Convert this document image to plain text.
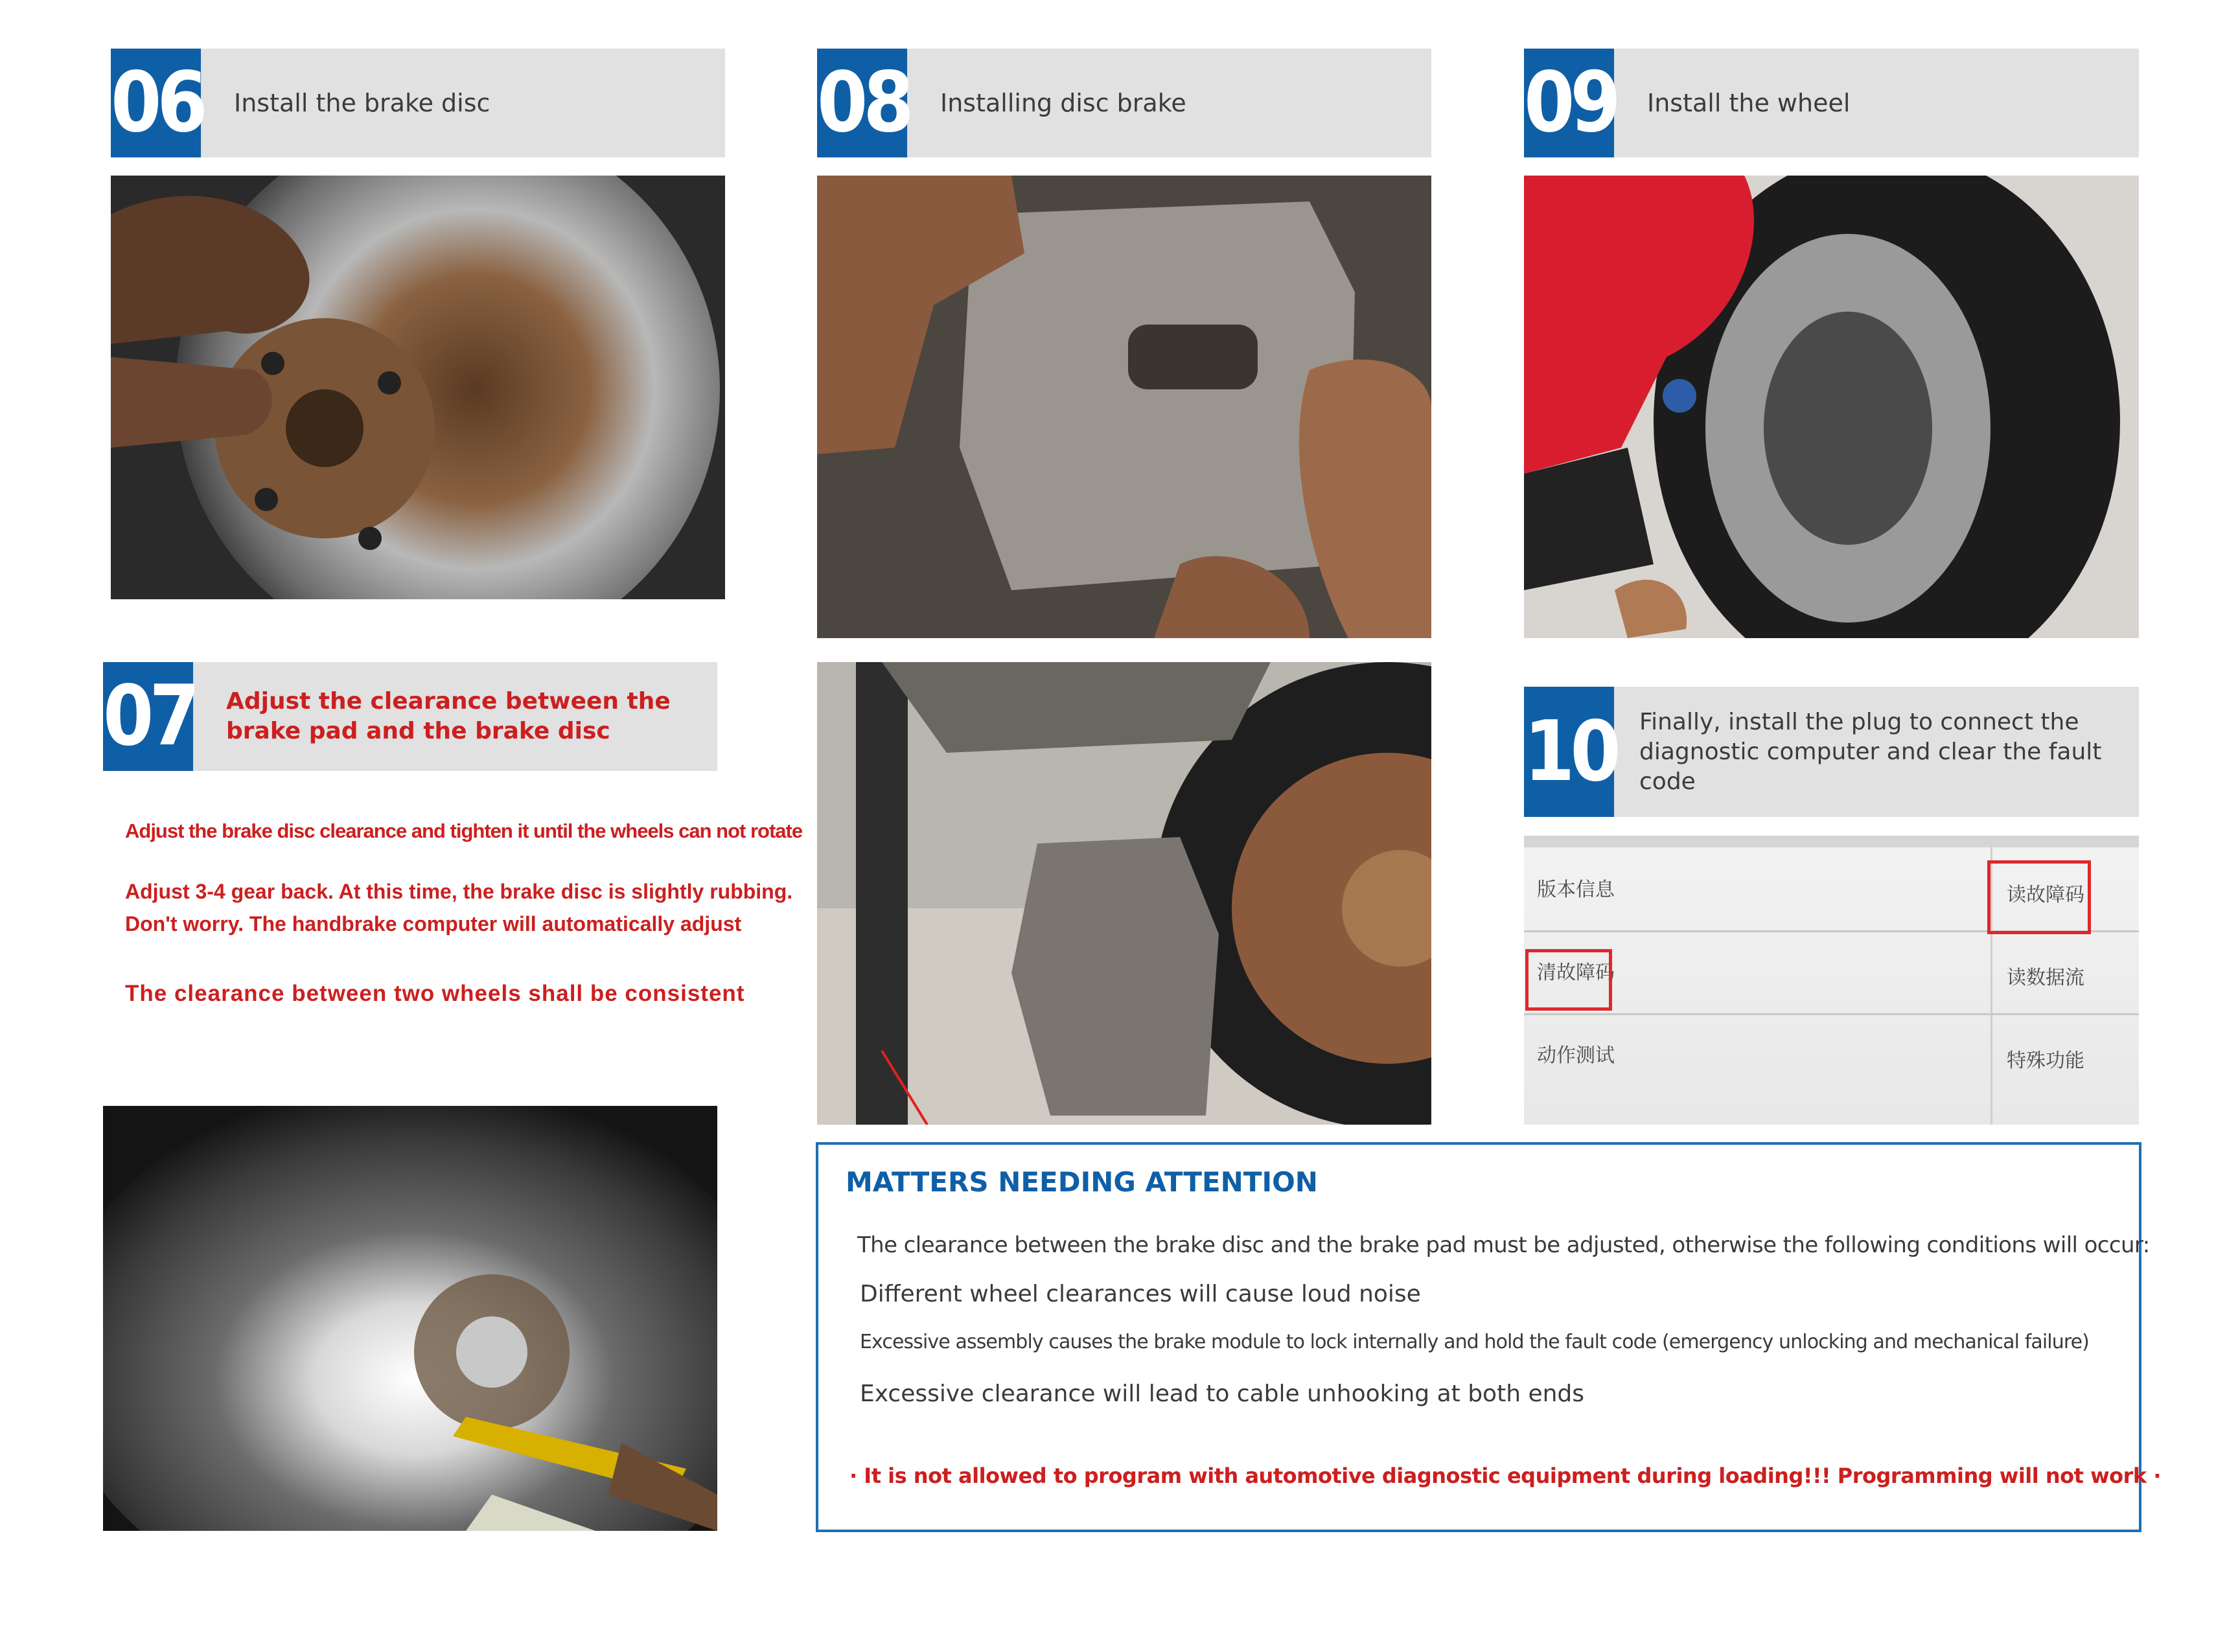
06 Install the brake disc
07 Adjust the clearance between the brake pad and the brake disc
Adjust the brake disc clearance and tighten it until the wheels can not rotate
Adjust 3-4 gear back. At this time, the brake disc is slightly rubbing.
Don't worry. The handbrake computer will automatically adjust
The clearance between two wheels shall be consistent
08 Installing disc brake	09 Install the wheel
10 Finally, install the plug to connect the diagnostic computer and clear the fault code
版本信息	读故障码
清故障码	读数据流
动作测试	特殊功能
MATTERS NEEDING ATTENTION
The clearance between the brake disc and the brake pad must be adjusted, otherwise the following conditions will occur:
Different wheel clearances will cause loud noise
Excessive assembly causes the brake module to lock internally and hold the fault code (emergency unlocking and mechanical failure)
Excessive clearance will lead to cable unhooking at both ends
· It is not allowed to program with automotive diagnostic equipment during loading!!! Programming will not work ·
